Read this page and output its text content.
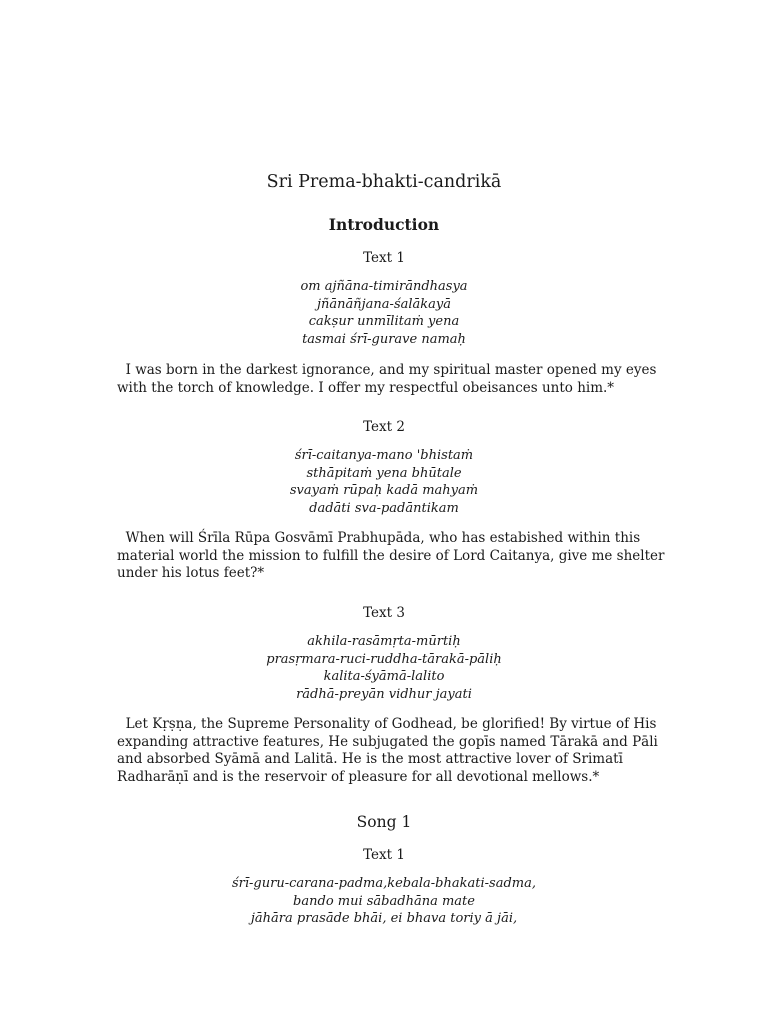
Sri Prema-bhakti-candrikā
Introduction
Text 1
om ajñāna-timirāndhasya
jñānāñjana-śalākayā
cakṣur unmīlitaṁ yena
tasmai śrī-gurave namaḥ
I was born in the darkest ignorance, and my spiritual master opened my eyes
with the torch of knowledge. I offer my respectful obeisances unto him.*
Text 2
śrī-caitanya-mano 'bhistaṁ
sthāpitaṁ yena bhūtale
svayaṁ rūpaḥ kadā mahyaṁ
dadāti sva-padāntikam
When will Śrīla Rūpa Gosvāmī Prabhupāda, who has estabished within this
material world the mission to fulfill the desire of Lord Caitanya, give me shelter
under his lotus feet?*
Text 3
akhila-rasāmṛta-mūrtiḥ
prasṛmara-ruci-ruddha-tārakā-pāliḥ
kalita-śyāmā-lalito
rādhā-preyān vidhur jayati
Let Kṛṣṇa, the Supreme Personality of Godhead, be glorified! By virtue of His
expanding attractive features, He subjugated the gopīs named Tārakā and Pāli
and absorbed Syāmā and Lalitā. He is the most attractive lover of Srimatī
Radharāṇī and is the reservoir of pleasure for all devotional mellows.*
Song 1
Text 1
śrī-guru-carana-padma,kebala-bhakati-sadma,
bando mui sābadhāna mate
jāhāra prasāde bhāi, ei bhava toriy ā jāi,
